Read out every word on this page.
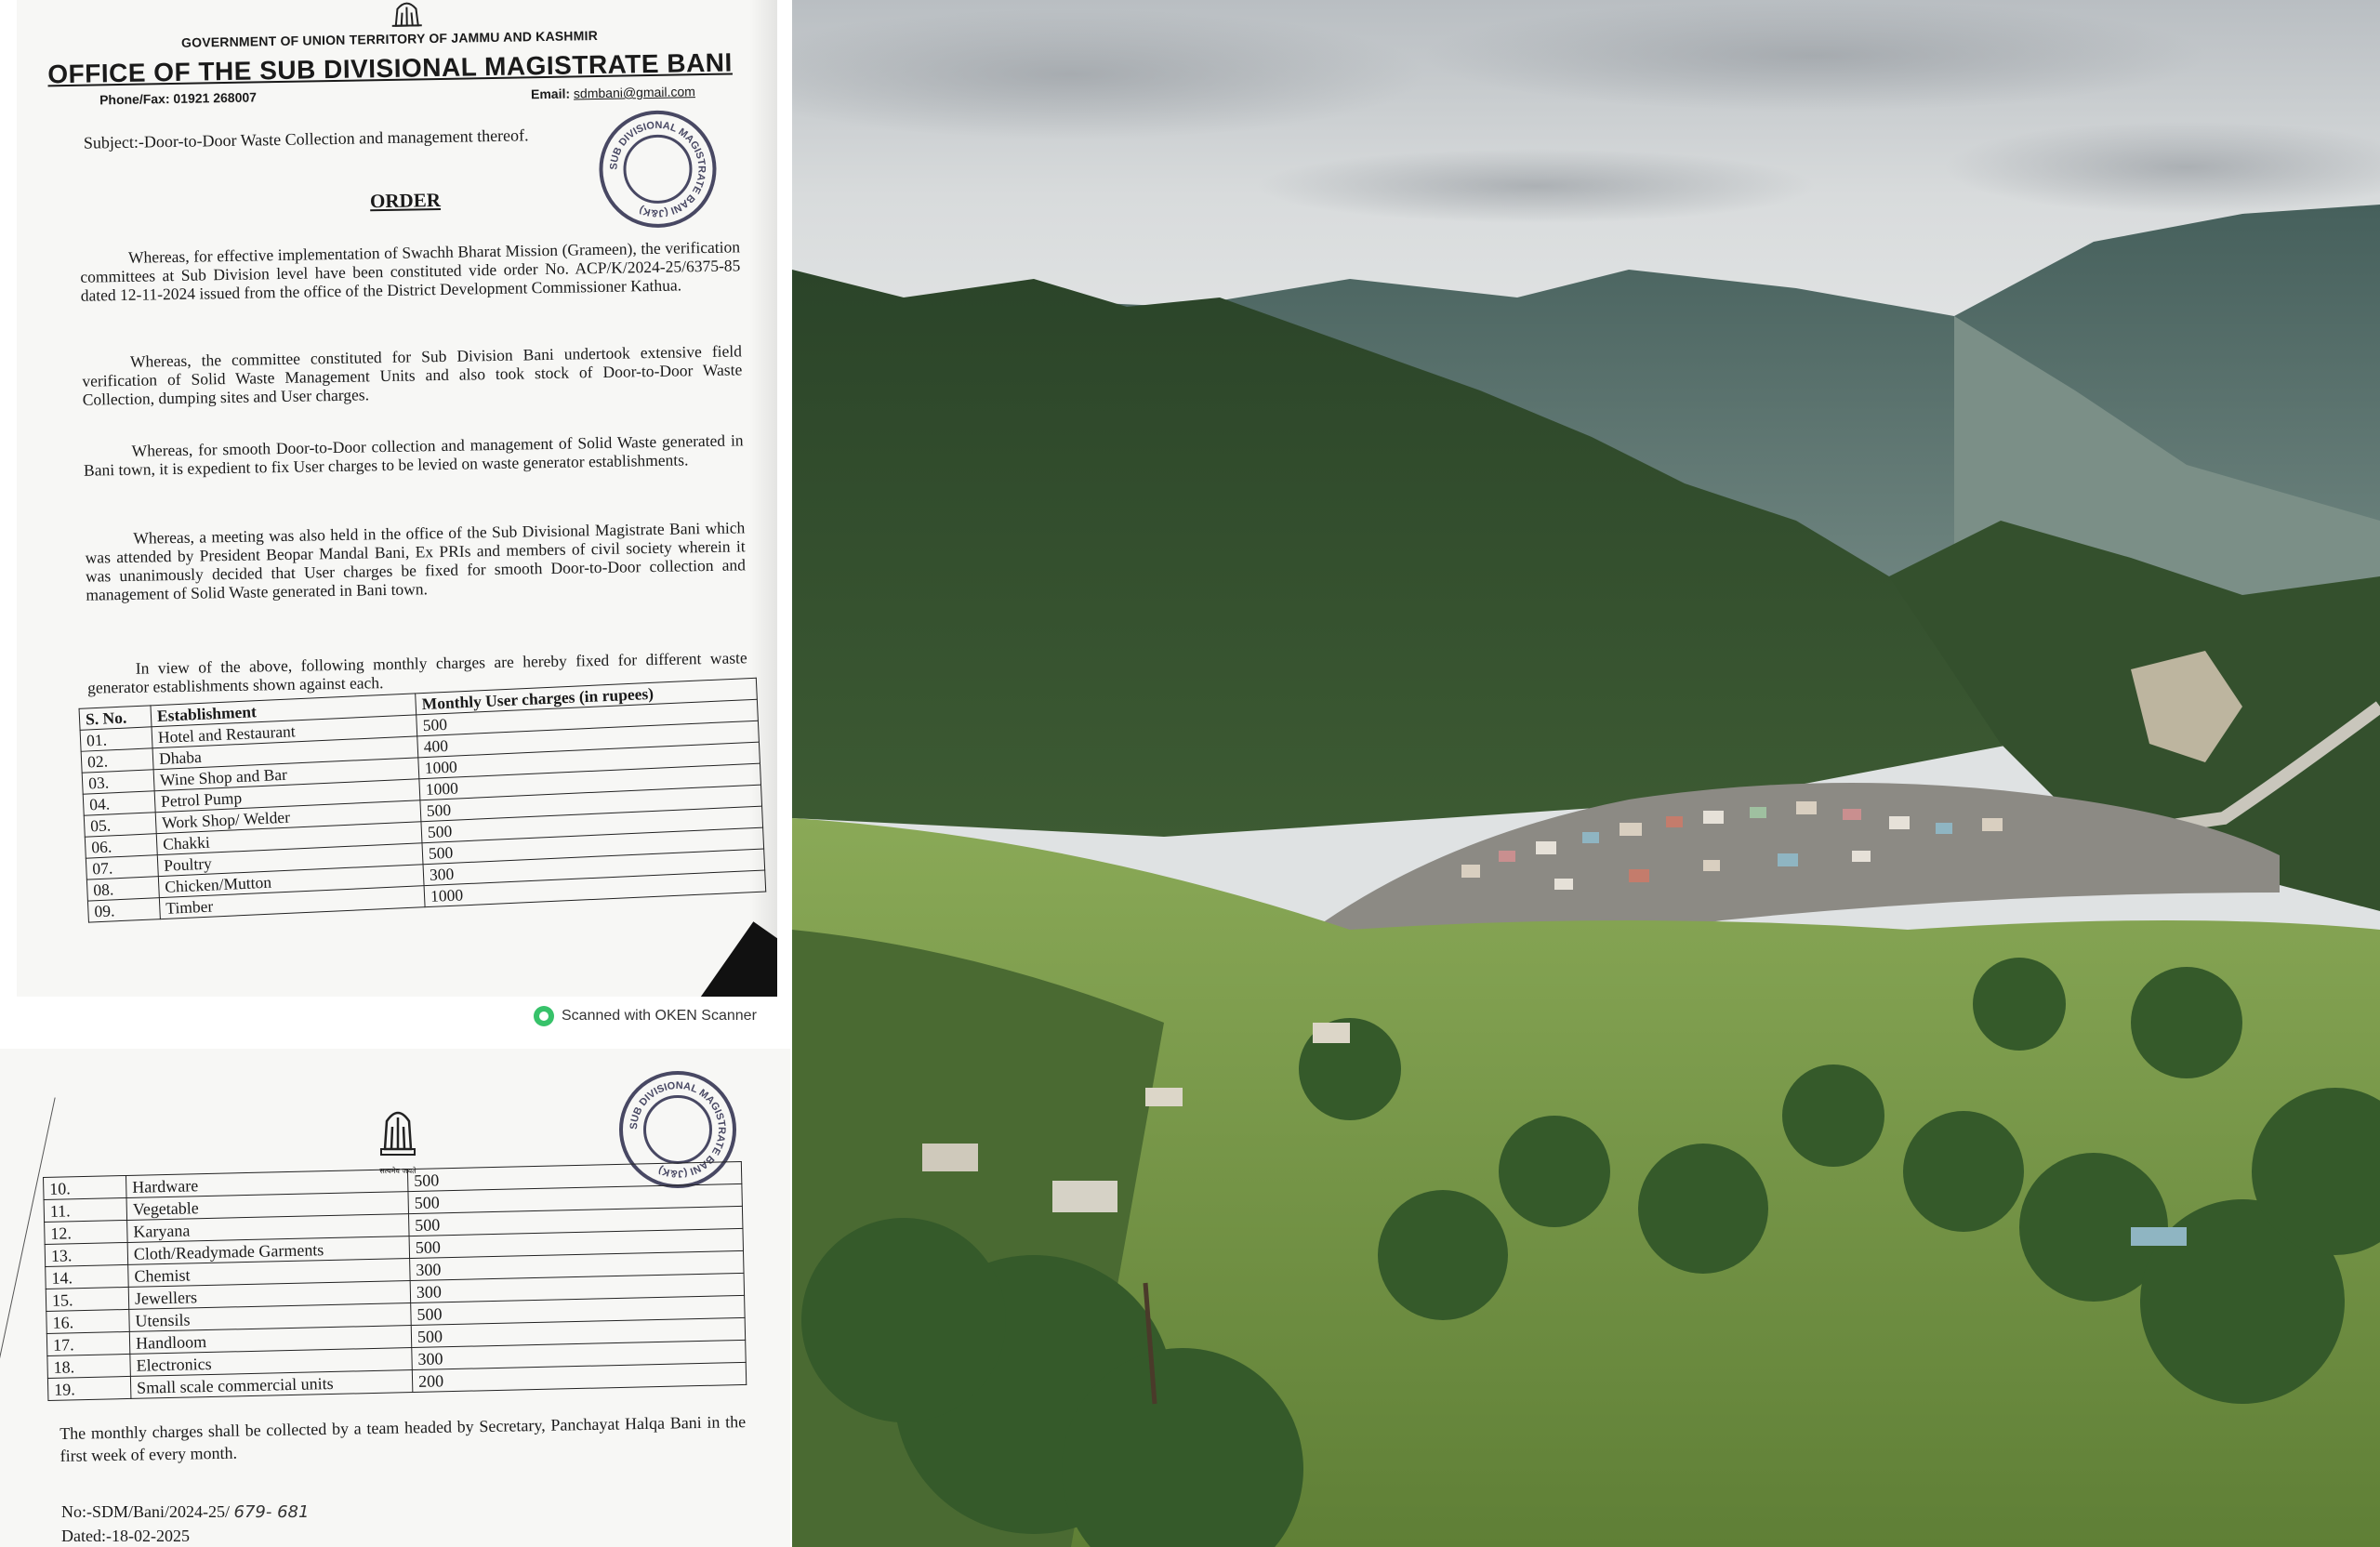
GOVERNMENT OF UNION TERRITORY OF JAMMU AND KASHMIR
OFFICE OF THE SUB DIVISIONAL MAGISTRATE BANI
Phone/Fax: 01921 268007	Email: sdmbani@gmail.com
Subject:-Door-to-Door Waste Collection and management thereof.
ORDER
SUB DIVISIONAL MAGISTRATE BANI (J&K)

Whereas, for effective implementation of Swachh Bharat Mission (Grameen), the verification committees at Sub Division level have been constituted vide order No. ACP/K/2024-25/6375-85 dated 12-11-2024 issued from the office of the District Development Commissioner Kathua.

Whereas, the committee constituted for Sub Division Bani undertook extensive field verification of Solid Waste Management Units and also took stock of Door-to-Door Waste Collection, dumping sites and User charges.

Whereas, for smooth Door-to-Door collection and management of Solid Waste generated in Bani town, it is expedient to fix User charges to be levied on waste generator establishments.

Whereas, a meeting was also held in the office of the Sub Divisional Magistrate Bani which was attended by President Beopar Mandal Bani, Ex PRIs and members of civil society wherein it was unanimously decided that User charges be fixed for smooth Door-to-Door collection and management of Solid Waste generated in Bani town.

In view of the above, following monthly charges are hereby fixed for different waste generator establishments shown against each.

S. No.	Establishment	Monthly User charges (in rupees)
01.	Hotel and Restaurant	500
02.	Dhaba	400
03.	Wine Shop and Bar	1000
04.	Petrol Pump	1000
05.	Work Shop/ Welder	500
06.	Chakki	500
07.	Poultry	500
08.	Chicken/Mutton	300
09.	Timber	1000
Scanned with OKEN Scanner
सत्यमेव जयते
SUB DIVISIONAL MAGISTRATE BANI (J&K)
10.	Hardware	500
11.	Vegetable	500
12.	Karyana	500
13.	Cloth/Readymade Garments	500
14.	Chemist	300
15.	Jewellers	300
16.	Utensils	500
17.	Handloom	500
18.	Electronics	300
19.	Small scale commercial units	200

The monthly charges shall be collected by a team headed by Secretary, Panchayat Halqa Bani in the first week of every month.

No:-SDM/Bani/2024-25/ 679- 681
Dated:-18-02-2025
